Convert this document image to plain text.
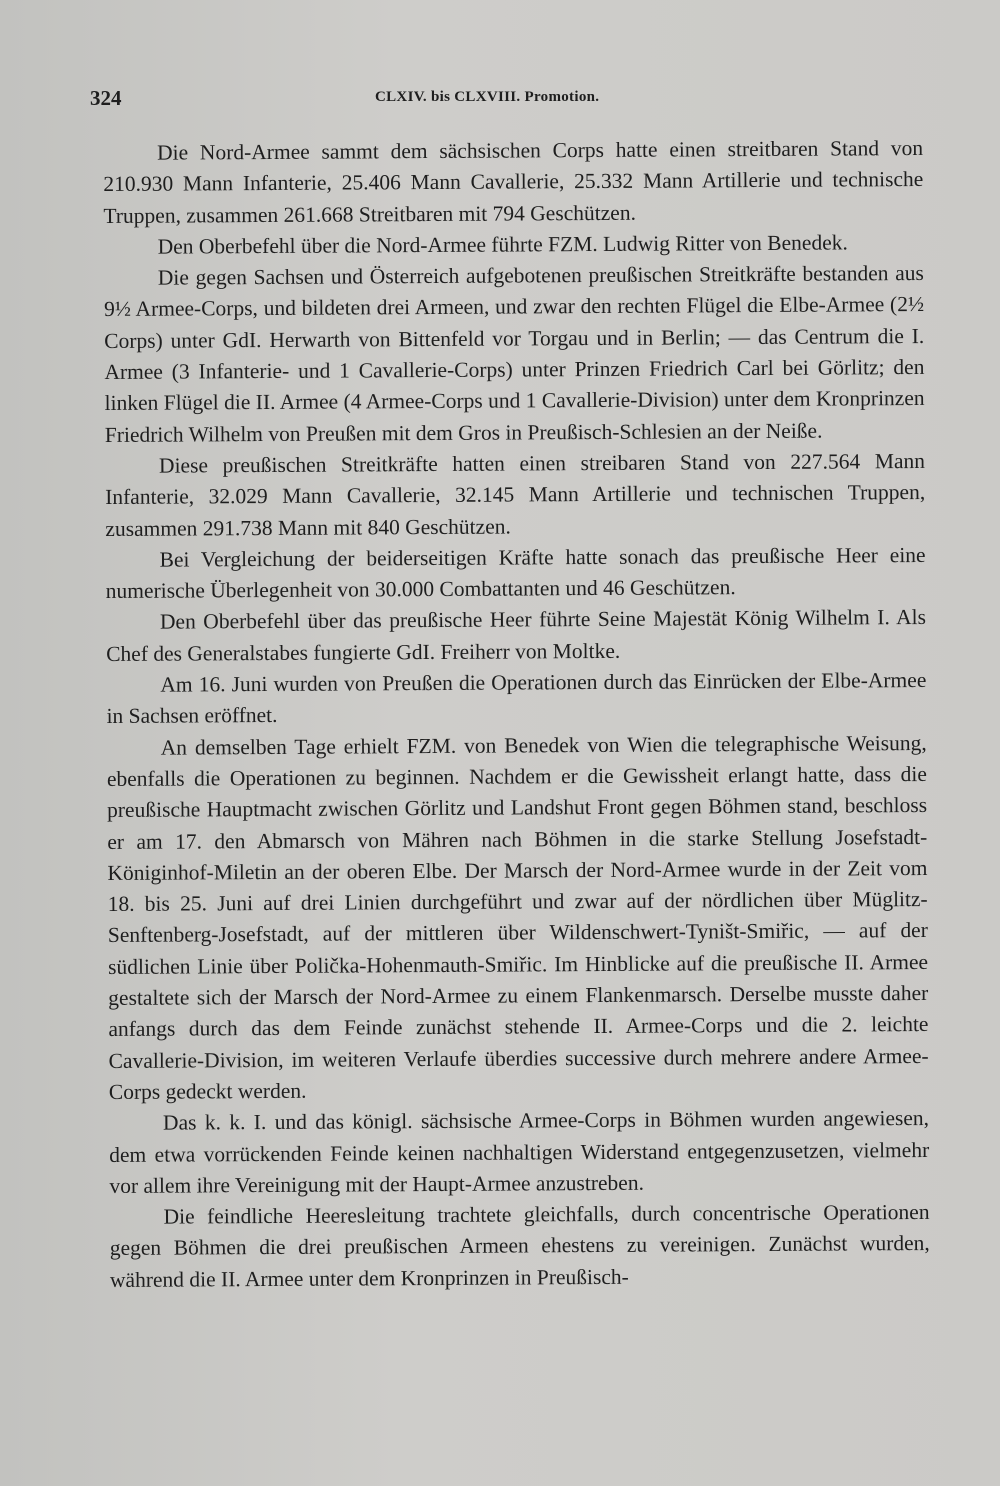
324	CLXIV. bis CLXVIII. Promotion.

Die Nord-Armee sammt dem sächsischen Corps hatte einen streitbaren Stand von 210.930 Mann Infanterie, 25.406 Mann Cavallerie, 25.332 Mann Artillerie und technische Truppen, zusammen 261.668 Streitbaren mit 794 Geschützen.

Den Oberbefehl über die Nord-Armee führte FZM. Ludwig Ritter von Benedek.

Die gegen Sachsen und Österreich aufgebotenen preußischen Streitkräfte bestanden aus 9½ Armee-Corps, und bildeten drei Armeen, und zwar den rechten Flügel die Elbe-Armee (2½ Corps) unter GdI. Herwarth von Bittenfeld vor Torgau und in Berlin; — das Centrum die I. Armee (3 Infanterie- und 1 Cavallerie-Corps) unter Prinzen Friedrich Carl bei Görlitz; den linken Flügel die II. Armee (4 Armee-Corps und 1 Cavallerie-Division) unter dem Kronprinzen Friedrich Wilhelm von Preußen mit dem Gros in Preußisch-Schlesien an der Neiße.

Diese preußischen Streitkräfte hatten einen streibaren Stand von 227.564 Mann Infanterie, 32.029 Mann Cavallerie, 32.145 Mann Artillerie und technischen Truppen, zusammen 291.738 Mann mit 840 Geschützen.

Bei Vergleichung der beiderseitigen Kräfte hatte sonach das preußische Heer eine numerische Überlegenheit von 30.000 Combattanten und 46 Geschützen.

Den Oberbefehl über das preußische Heer führte Seine Majestät König Wilhelm I. Als Chef des Generalstabes fungierte GdI. Freiherr von Moltke.

Am 16. Juni wurden von Preußen die Operationen durch das Einrücken der Elbe-Armee in Sachsen eröffnet.

An demselben Tage erhielt FZM. von Benedek von Wien die telegraphische Weisung, ebenfalls die Operationen zu beginnen. Nachdem er die Gewissheit erlangt hatte, dass die preußische Hauptmacht zwischen Görlitz und Landshut Front gegen Böhmen stand, beschloss er am 17. den Abmarsch von Mähren nach Böhmen in die starke Stellung Josefstadt-Königinhof-Miletin an der oberen Elbe. Der Marsch der Nord-Armee wurde in der Zeit vom 18. bis 25. Juni auf drei Linien durchgeführt und zwar auf der nördlichen über Müglitz-Senftenberg-Josefstadt, auf der mittleren über Wildenschwert-Tyništ-Smiřic, — auf der südlichen Linie über Polička-Hohenmauth-Smiřic. Im Hinblicke auf die preußische II. Armee gestaltete sich der Marsch der Nord-Armee zu einem Flankenmarsch. Derselbe musste daher anfangs durch das dem Feinde zunächst stehende II. Armee-Corps und die 2. leichte Cavallerie-Division, im weiteren Verlaufe überdies successive durch mehrere andere Armee-Corps gedeckt werden.

Das k. k. I. und das königl. sächsische Armee-Corps in Böhmen wurden angewiesen, dem etwa vorrückenden Feinde keinen nachhaltigen Widerstand entgegenzusetzen, vielmehr vor allem ihre Vereinigung mit der Haupt-Armee anzustreben.

Die feindliche Heeresleitung trachtete gleichfalls, durch concentrische Operationen gegen Böhmen die drei preußischen Armeen ehestens zu vereinigen. Zunächst wurden, während die II. Armee unter dem Kronprinzen in Preußisch-
